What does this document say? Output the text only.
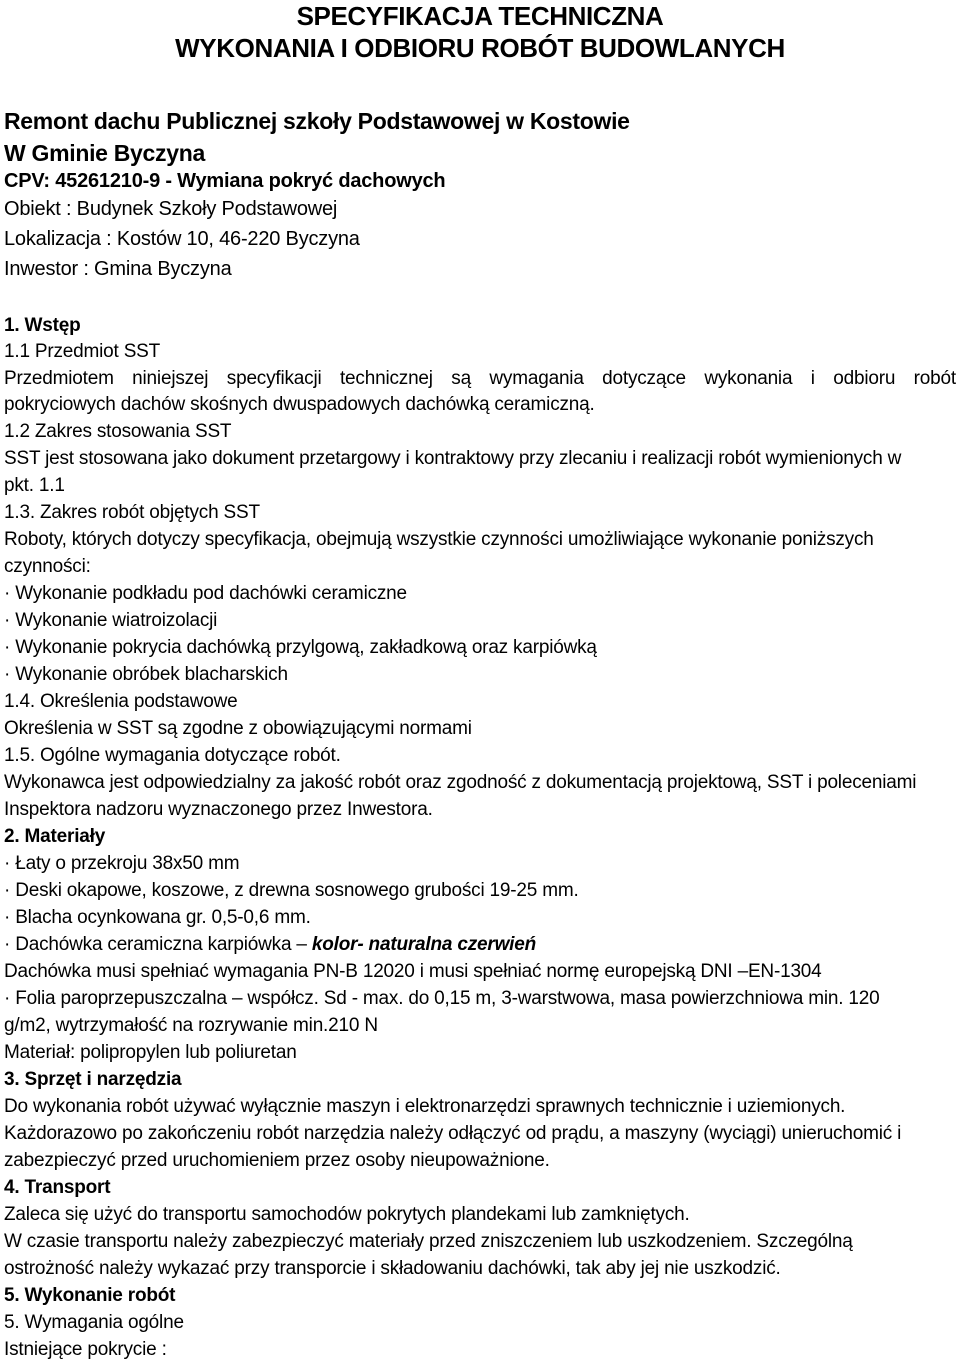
SPECYFIKACJA TECHNICZNA
WYKONANIA I ODBIORU ROBÓT BUDOWLANYCH
Remont dachu Publicznej szkoły Podstawowej w Kostowie
W Gminie Byczyna
CPV: 45261210-9 - Wymiana pokryć dachowych
Obiekt : Budynek Szkoły Podstawowej
Lokalizacja : Kostów 10, 46-220 Byczyna
Inwestor : Gmina Byczyna
1. Wstęp
1.1 Przedmiot SST
Przedmiotem niniejszej specyfikacji technicznej są wymagania dotyczące wykonania i odbioru robót
pokryciowych dachów skośnych dwuspadowych dachówką ceramiczną.
1.2 Zakres stosowania SST
SST jest stosowana jako dokument przetargowy i kontraktowy przy zlecaniu i realizacji robót wymienionych w
pkt. 1.1
1.3. Zakres robót objętych SST
Roboty, których dotyczy specyfikacja, obejmują wszystkie czynności umożliwiające wykonanie poniższych
czynności:
· Wykonanie podkładu pod dachówki ceramiczne
· Wykonanie wiatroizolacji
· Wykonanie pokrycia dachówką przylgową, zakładkową oraz karpiówką
· Wykonanie obróbek blacharskich
1.4. Określenia podstawowe
Określenia w SST są zgodne z obowiązującymi normami
1.5. Ogólne wymagania dotyczące robót.
Wykonawca jest odpowiedzialny za jakość robót oraz zgodność z dokumentacją projektową, SST i poleceniami
Inspektora nadzoru wyznaczonego przez Inwestora.
2. Materiały
· Łaty o przekroju 38x50 mm
· Deski okapowe, koszowe, z drewna sosnowego grubości 19-25 mm.
· Blacha ocynkowana gr. 0,5-0,6 mm.
· Dachówka ceramiczna karpiówka – kolor- naturalna czerwień
Dachówka musi spełniać wymagania PN-B 12020 i musi spełniać normę europejską DNI –EN-1304
· Folia paroprzepuszczalna – współcz. Sd - max. do 0,15 m, 3-warstwowa, masa powierzchniowa min. 120
g/m2, wytrzymałość na rozrywanie min.210 N
Materiał: polipropylen lub poliuretan
3. Sprzęt i narzędzia
Do wykonania robót używać wyłącznie maszyn i elektronarzędzi sprawnych technicznie i uziemionych.
Każdorazowo po zakończeniu robót narzędzia należy odłączyć od prądu, a maszyny (wyciągi) unieruchomić i
zabezpieczyć przed uruchomieniem przez osoby nieupoważnione.
4. Transport
Zaleca się użyć do transportu samochodów pokrytych plandekami lub zamkniętych.
W czasie transportu należy zabezpieczyć materiały przed zniszczeniem lub uszkodzeniem. Szczególną
ostrożność należy wykazać przy transporcie i składowaniu dachówki, tak aby jej nie uszkodzić.
5. Wykonanie robót
5. Wymagania ogólne
Istniejące pokrycie :
